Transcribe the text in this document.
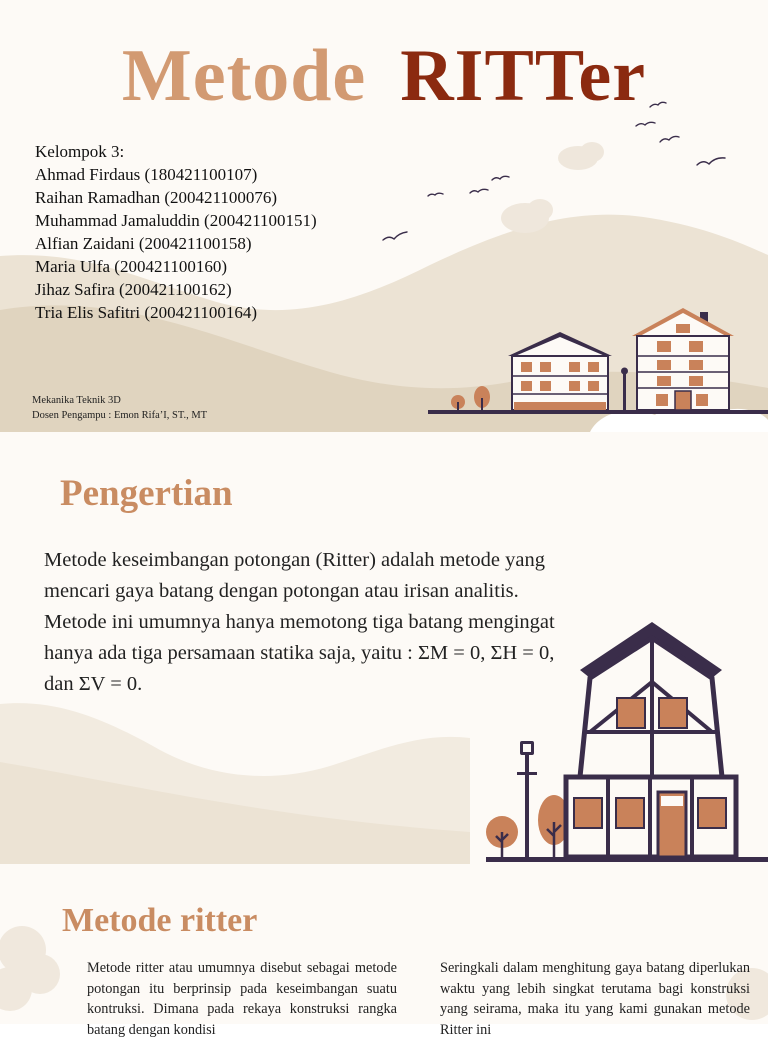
Metode RITTer
Kelompok 3:
Ahmad Firdaus (180421100107)
Raihan Ramadhan (200421100076)
Muhammad Jamaluddin (200421100151)
Alfian Zaidani (200421100158)
Maria Ulfa (200421100160)
Jihaz Safira (200421100162)
Tria Elis Safitri (200421100164)
Mekanika Teknik 3D
Dosen Pengampu : Emon Rifa’I, ST., MT
Pengertian
Metode keseimbangan potongan (Ritter) adalah metode yang mencari gaya batang dengan potongan atau irisan analitis. Metode ini umumnya hanya memotong tiga batang mengingat hanya ada tiga persamaan statika saja, yaitu : ΣM = 0, ΣH = 0, dan ΣV = 0.
Metode ritter
Metode ritter atau umumnya disebut sebagai metode potongan itu berprinsip pada keseimbangan suatu kontruksi. Dimana pada rekaya konstruksi rangka batang dengan kondisi
Seringkali dalam menghitung gaya batang diperlukan waktu yang lebih singkat terutama bagi konstruksi yang seirama, maka itu yang kami gunakan metode Ritter ini
